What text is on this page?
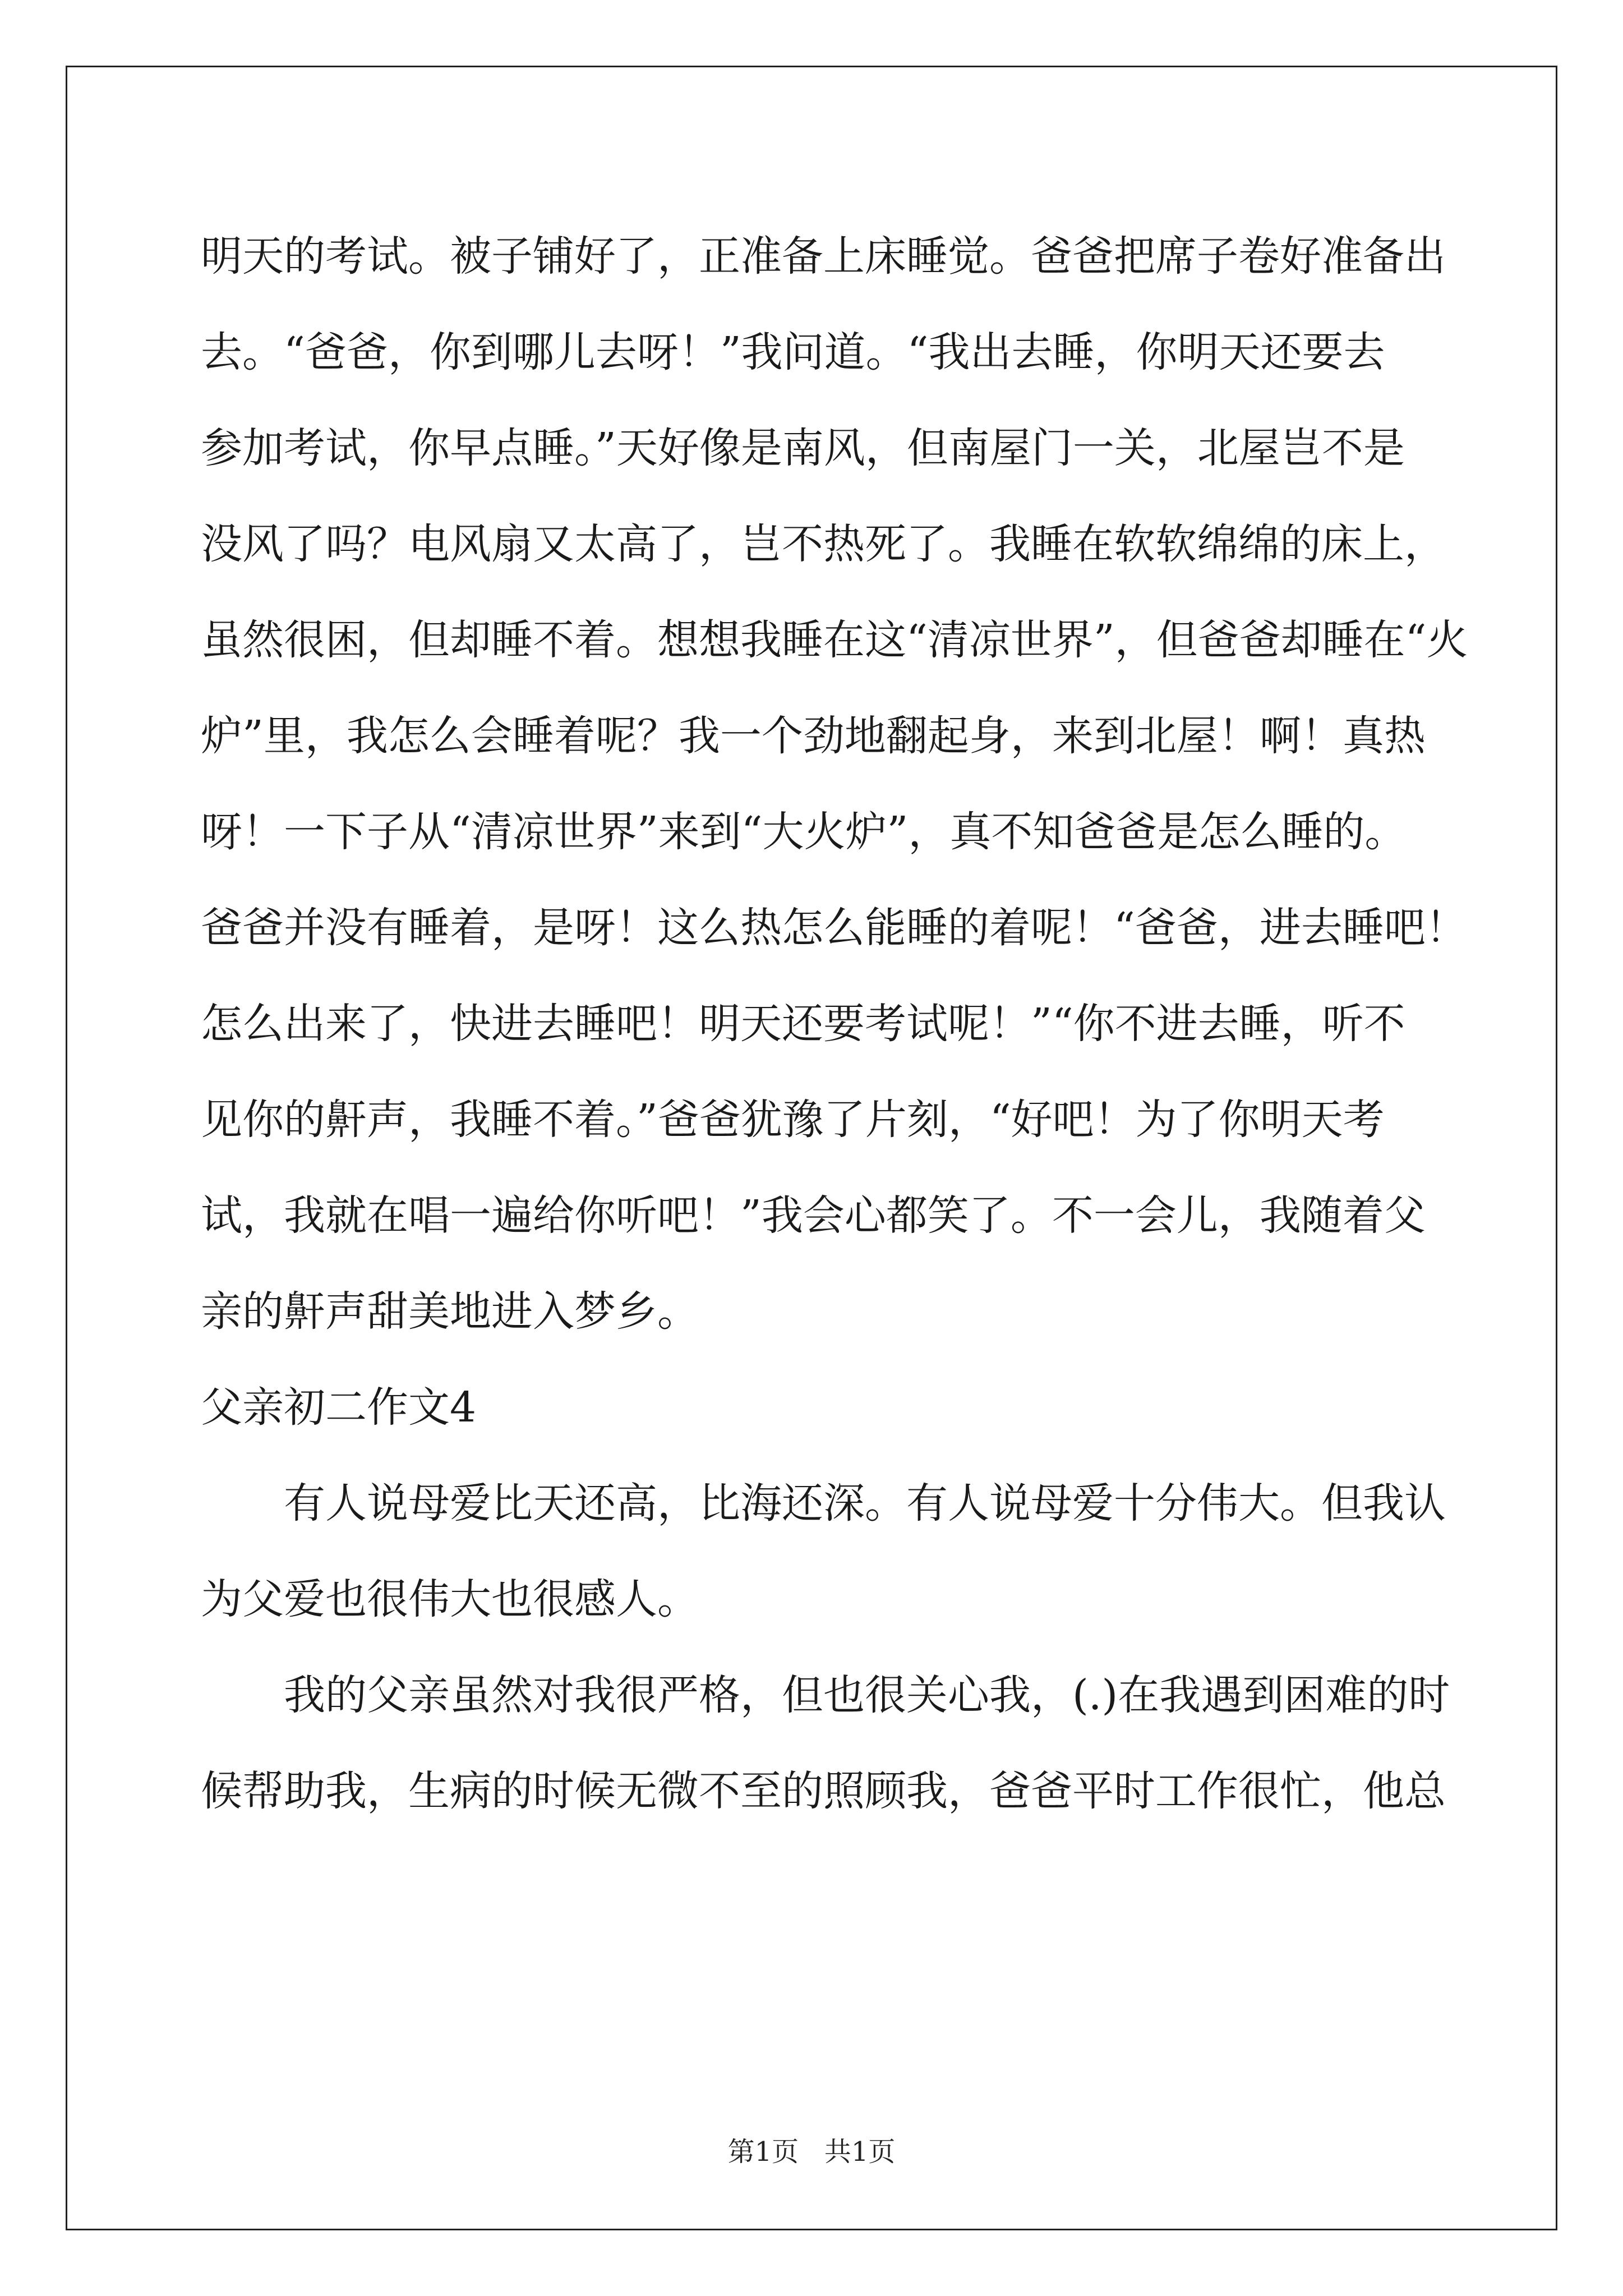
明天的考试。被子铺好了，正准备上床睡觉。爸爸把席子卷好准备出
去。“爸爸，你到哪儿去呀！”我问道。“我出去睡，你明天还要去
参加考试，你早点睡。”天好像是南风，但南屋门一关，北屋岂不是
没风了吗？电风扇又太高了，岂不热死了。我睡在软软绵绵的床上，
虽然很困，但却睡不着。想想我睡在这“清凉世界”，但爸爸却睡在“火
炉”里，我怎么会睡着呢？我一个劲地翻起身，来到北屋！啊！真热
呀！一下子从“清凉世界”来到“大火炉”，真不知爸爸是怎么睡的。
爸爸并没有睡着，是呀！这么热怎么能睡的着呢！“爸爸，进去睡吧！
怎么出来了，快进去睡吧！明天还要考试呢！”“你不进去睡，听不
见你的鼾声，我睡不着。”爸爸犹豫了片刻，“好吧！为了你明天考
试，我就在唱一遍给你听吧！”我会心都笑了。不一会儿，我随着父
亲的鼾声甜美地进入梦乡。
父亲初二作文4
有人说母爱比天还高，比海还深。有人说母爱十分伟大。但我认
为父爱也很伟大也很感人。
我的父亲虽然对我很严格，但也很关心我，(.)在我遇到困难的时
候帮助我，生病的时候无微不至的照顾我，爸爸平时工作很忙，他总
第1页   共1页
